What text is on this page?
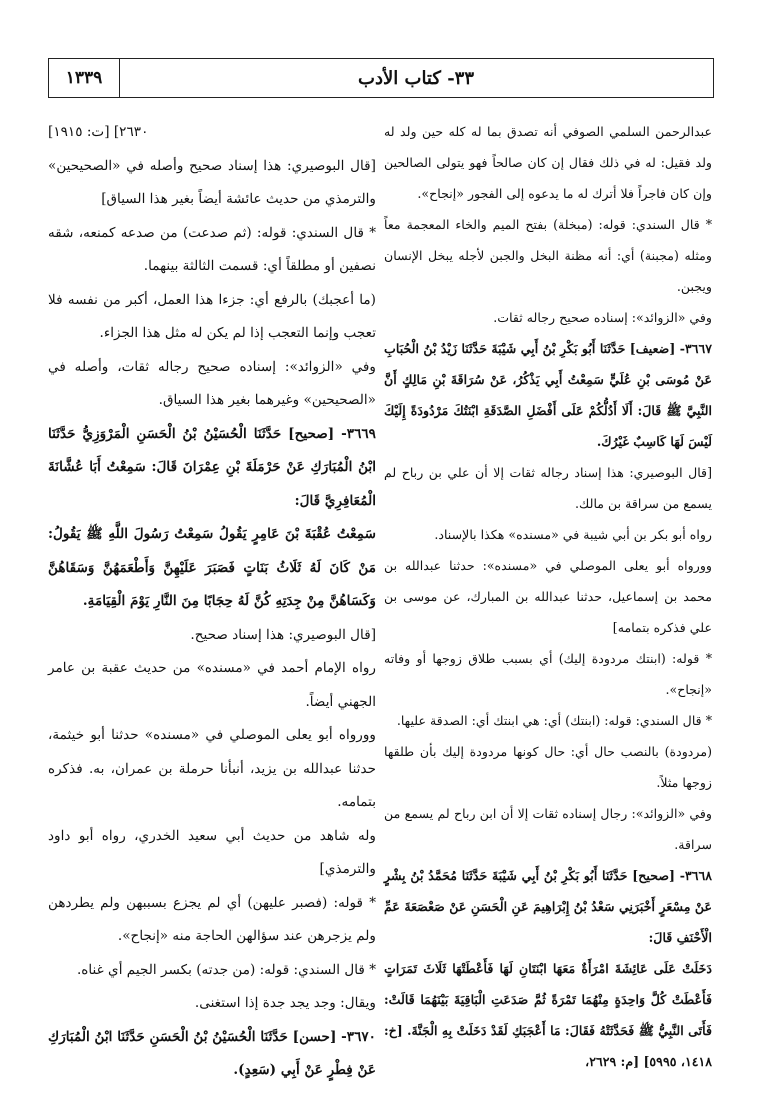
١٣٣٩	٣٣- كتاب الأدب

عبدالرحمن السلمي الصوفي أنه تصدق بما له كله حين ولد له ولد فقيل: له في ذلك فقال إن كان صالحاً فهو يتولى الصالحين وإن كان فاجراً فلا أترك له ما يدعوه إلى الفجور «إنجاح».

* قال السندي: قوله: (مبخلة) بفتح الميم والخاء المعجمة معاً ومثله (مجبنة) أي: أنه مظنة البخل والجبن لأجله يبخل الإنسان ويجبن.

وفي «الزوائد»: إسناده صحيح رجاله ثقات.

٣٦٦٧- [ضعيف] حَدَّثَنَا أَبُو بَكْرِ بْنُ أَبِي شَيْبَةَ حَدَّثَنَا زَيْدُ بْنُ الْحُبَابِ عَنْ مُوسَى بْنِ عُلَيٍّ سَمِعْتُ أَبِي يَذْكُرُ، عَنْ سُرَاقَةَ بْنِ مَالِكٍ أَنَّ النَّبِيَّ ﷺ قَالَ: أَلَا أَدُلُّكُمْ عَلَى أَفْضَلِ الصَّدَقَةِ ابْنَتُكَ مَرْدُودَةً إِلَيْكَ لَيْسَ لَهَا كَاسِبٌ غَيْرُكَ.

[قال البوصيري: هذا إسناد رجاله ثقات إلا أن علي بن رباح لم يسمع من سراقة بن مالك.

رواه أبو بكر بن أبي شيبة في «مسنده» هكذا بالإسناد.

وورواه أبو يعلى الموصلي في «مسنده»: حدثنا عبدالله بن محمد بن إسماعيل، حدثنا عبدالله بن المبارك، عن موسى بن علي فذكره بتمامه]

* قوله: (ابنتك مردودة إليك) أي بسبب طلاق زوجها أو وفاته «إنجاح».

* قال السندي: قوله: (ابنتك) أي: هي ابنتك أي: الصدقة عليها.

(مردودة) بالنصب حال أي: حال كونها مردودة إليك بأن طلقها زوجها مثلاً.

وفي «الزوائد»: رجال إسناده ثقات إلا أن ابن رباح لم يسمع من سراقة.

٣٦٦٨- [صحيح] حَدَّثَنَا أَبُو بَكْرِ بْنُ أَبِي شَيْبَةَ حَدَّثَنَا مُحَمَّدُ بْنُ بِشْرٍ عَنْ مِسْعَرٍ أَخْبَرَنِي سَعْدُ بْنُ إِبْرَاهِيمَ عَنِ الْحَسَنِ عَنْ صَعْصَعَةَ عَمِّ الْأَحْنَفِ قَالَ:

دَخَلَتْ عَلَى عَائِشَةَ امْرَأَةٌ مَعَهَا ابْنَتَانِ لَهَا فَأَعْطَتْهَا ثَلَاثَ تَمَرَاتٍ فَأَعْطَتْ كُلَّ وَاحِدَةٍ مِنْهُمَا تَمْرَةً ثُمَّ صَدَعَتِ الْبَاقِيَةَ بَيْنَهُمَا قَالَتْ: فَأَتَى النَّبِيُّ ﷺ فَحَدَّثَتْهُ فَقَالَ: مَا أَعْجَبَكِ لَقَدْ دَخَلَتْ بِهِ الْجَنَّةَ. [خ: ١٤١٨، ٥٩٩٥] [م: ٢٦٢٩،

٢٦٣٠] [ت: ١٩١٥]

[قال البوصيري: هذا إسناد صحيح وأصله في «الصحيحين» والترمذي من حديث عائشة أيضاً بغير هذا السياق]

* قال السندي: قوله: (ثم صدعت) من صدعه كمنعه، شقه نصفين أو مطلقاً أي: قسمت الثالثة بينهما.

(ما أعجبك) بالرفع أي: جزءا هذا العمل، أكبر من نفسه فلا تعجب وإنما التعجب إذا لم يكن له مثل هذا الجزاء.

وفي «الزوائد»: إسناده صحيح رجاله ثقات، وأصله في «الصحيحين» وغيرهما بغير هذا السياق.

٣٦٦٩- [صحيح] حَدَّثَنَا الْحُسَيْنُ بْنُ الْحَسَنِ الْمَرْوَزِيُّ حَدَّثَنَا ابْنُ الْمُبَارَكِ عَنْ حَرْمَلَةَ بْنِ عِمْرَانَ قَالَ: سَمِعْتُ أَبَا عُشَّانَةَ الْمُعَافِرِيَّ قَالَ:

سَمِعْتُ عُقْبَةَ بْنَ عَامِرٍ يَقُولُ سَمِعْتُ رَسُولَ اللَّهِ ﷺ يَقُولُ: مَنْ كَانَ لَهُ ثَلَاثُ بَنَاتٍ فَصَبَرَ عَلَيْهِنَّ وَأَطْعَمَهُنَّ وَسَقَاهُنَّ وَكَسَاهُنَّ مِنْ جِدَتِهِ كُنَّ لَهُ حِجَابًا مِنَ النَّارِ يَوْمَ الْقِيَامَةِ.

[قال البوصيري: هذا إسناد صحيح.

رواه الإمام أحمد في «مسنده» من حديث عقبة بن عامر الجهني أيضاً.

وورواه أبو يعلى الموصلي في «مسنده» حدثنا أبو خيثمة، حدثنا عبدالله بن يزيد، أنبأنا حرملة بن عمران، به. فذكره بتمامه.

وله شاهد من حديث أبي سعيد الخدري، رواه أبو داود والترمذي]

* قوله: (فصبر عليهن) أي لم يجزع بسببهن ولم يطردهن ولم يزجرهن عند سؤالهن الحاجة منه «إنجاح».

* قال السندي: قوله: (من جدته) بكسر الجيم أي غناه.

ويقال: وجد يجد جدة إذا استغنى.

٣٦٧٠- [حسن] حَدَّثَنَا الْحُسَيْنُ بْنُ الْحَسَنِ حَدَّثَنَا ابْنُ الْمُبَارَكِ عَنْ فِطْرٍ عَنْ أَبِي (سَعِدٍ).
